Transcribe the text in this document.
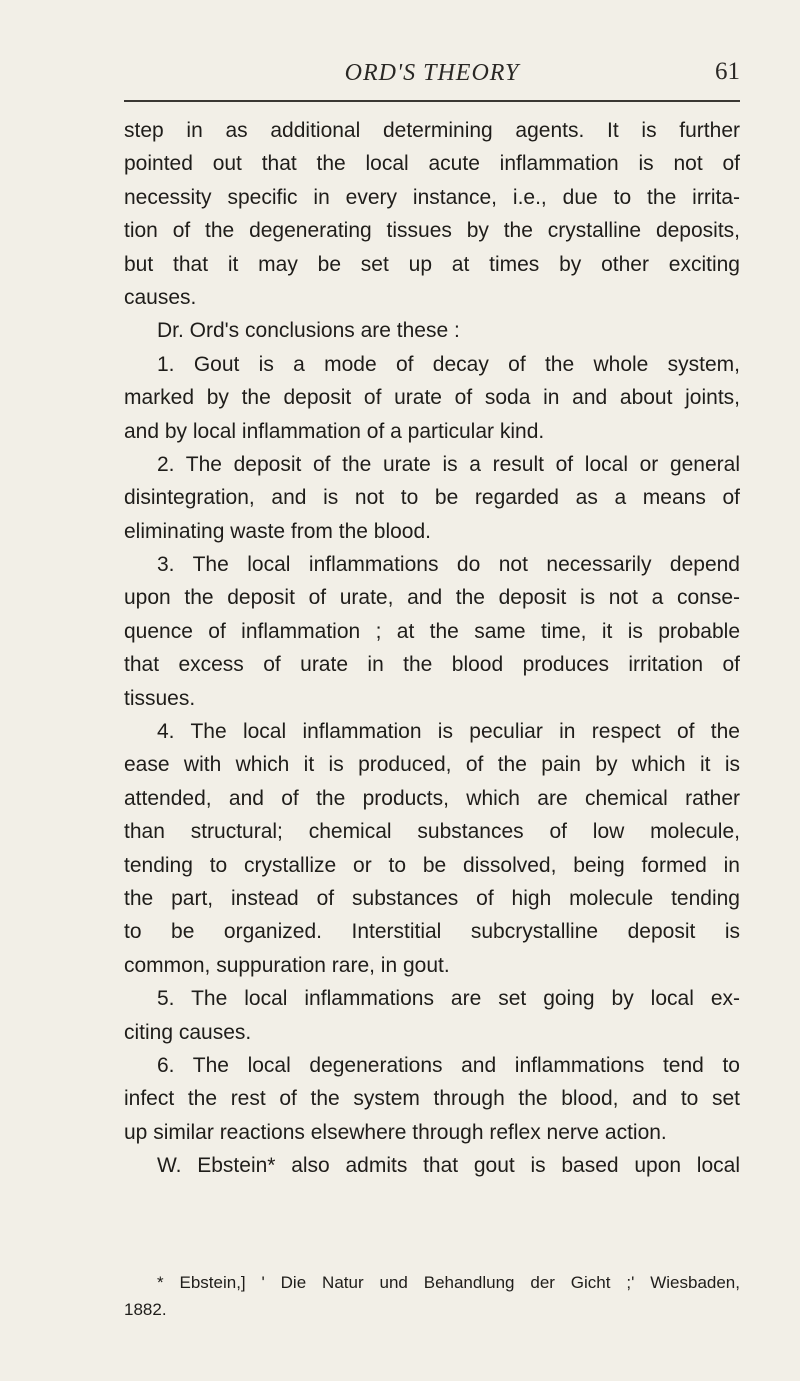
ORD'S THEORY	61
step in as additional determining agents. It is further
pointed out that the local acute inflammation is not of
necessity specific in every instance, i.e., due to the irrita-
tion of the degenerating tissues by the crystalline deposits,
but that it may be set up at times by other exciting
causes.
Dr. Ord's conclusions are these :
1. Gout is a mode of decay of the whole system,
marked by the deposit of urate of soda in and about joints,
and by local inflammation of a particular kind.
2. The deposit of the urate is a result of local or general
disintegration, and is not to be regarded as a means of
eliminating waste from the blood.
3. The local inflammations do not necessarily depend
upon the deposit of urate, and the deposit is not a conse-
quence of inflammation ; at the same time, it is probable
that excess of urate in the blood produces irritation of
tissues.
4. The local inflammation is peculiar in respect of the
ease with which it is produced, of the pain by which it is
attended, and of the products, which are chemical rather
than structural; chemical substances of low molecule,
tending to crystallize or to be dissolved, being formed in
the part, instead of substances of high molecule tending
to be organized. Interstitial subcrystalline deposit is
common, suppuration rare, in gout.
5. The local inflammations are set going by local ex-
citing causes.
6. The local degenerations and inflammations tend to
infect the rest of the system through the blood, and to set
up similar reactions elsewhere through reflex nerve action.
W. Ebstein* also admits that gout is based upon local
* Ebstein,] ' Die Natur und Behandlung der Gicht ;' Wiesbaden,
1882.
